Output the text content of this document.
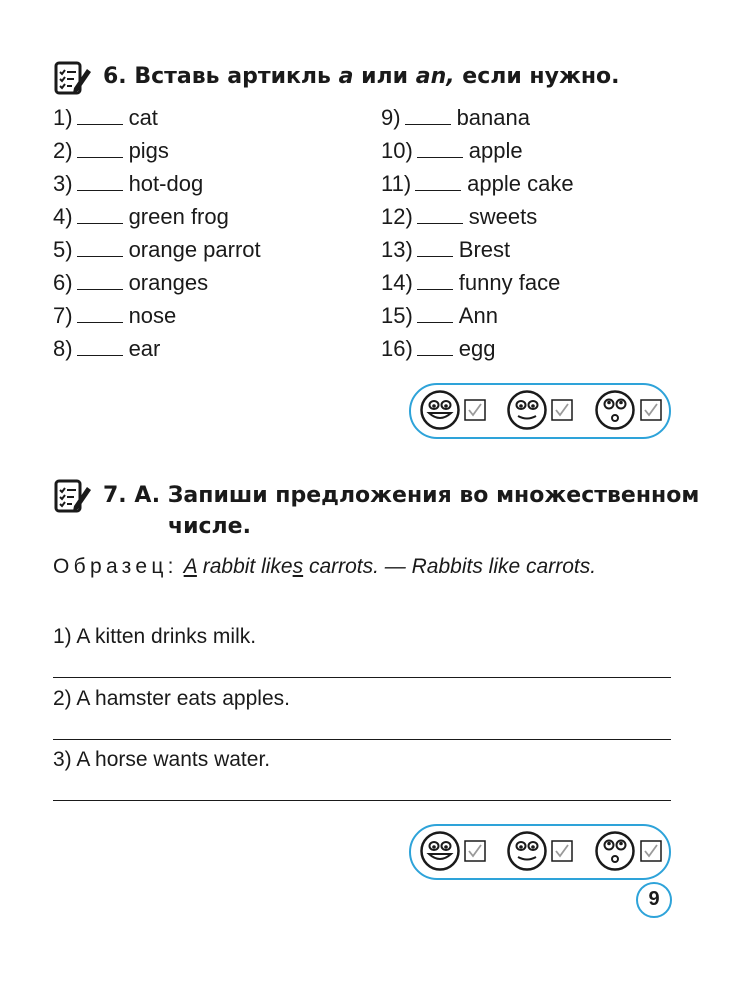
6. Вставь артикль a или an, если нужно.
1)	cat
2)	pigs
3)	hot-dog
4)	green frog
5)	orange parrot
6)	oranges
7)	nose
8)	ear
9)	banana
10)	apple
11)	apple cake
12)	sweets
13) Brest
14) funny face
15) Ann
16) egg
7. A. Запиши предложения во множественном
числе.
Образец: A rabbit likes carrots. — Rabbits like carrots.
1) A kitten drinks milk.
2) A hamster eats apples.
3) A horse wants water.
9
